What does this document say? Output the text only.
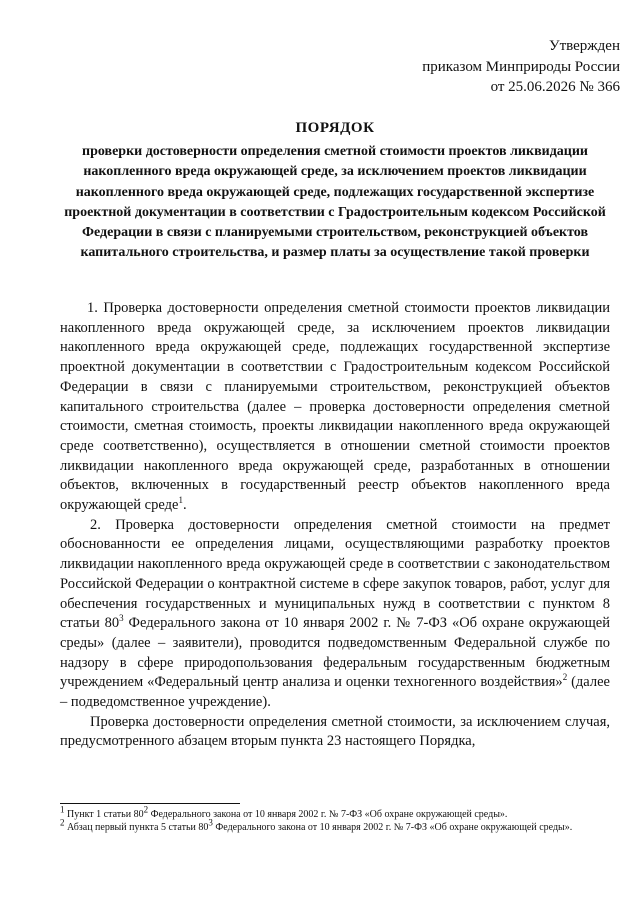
Утвержден
приказом Минприроды России
от 25.06.2026 № 366
ПОРЯДОК
проверки достоверности определения сметной стоимости проектов ликвидации накопленного вреда окружающей среде, за исключением проектов ликвидации накопленного вреда окружающей среде, подлежащих государственной экспертизе проектной документации в соответствии с Градостроительным кодексом Российской Федерации в связи с планируемыми строительством, реконструкцией объектов капитального строительства, и размер платы за осуществление такой проверки

1. Проверка достоверности определения сметной стоимости проектов ликвидации накопленного вреда окружающей среде, за исключением проектов ликвидации накопленного вреда окружающей среде, подлежащих государственной экспертизе проектной документации в соответствии с Градостроительным кодексом Российской Федерации в связи с планируемыми строительством, реконструкцией объектов капитального строительства (далее – проверка достоверности определения сметной стоимости, сметная стоимость, проекты ликвидации накопленного вреда окружающей среде соответственно), осуществляется в отношении сметной стоимости проектов ликвидации накопленного вреда окружающей среде, разработанных в отношении объектов, включенных в государственный реестр объектов накопленного вреда окружающей среде$^1$.

2. Проверка достоверности определения сметной стоимости на предмет обоснованности ее определения лицами, осуществляющими разработку проектов ликвидации накопленного вреда окружающей среде в соответствии с законодательством Российской Федерации о контрактной системе в сфере закупок товаров, работ, услуг для обеспечения государственных и муниципальных нужд в соответствии с пунктом 8 статьи $80^3$ Федерального закона от 10 января 2002 г. № 7-ФЗ «Об охране окружающей среды» (далее – заявители), проводится подведомственным Федеральной службе по надзору в сфере природопользования федеральным государственным бюджетным учреждением «Федеральный центр анализа и оценки техногенного воздействия»$^2$ (далее – подведомственное учреждение).

Проверка достоверности определения сметной стоимости, за исключением случая, предусмотренного абзацем вторым пункта 23 настоящего Порядка,

$^1$ Пункт 1 статьи $80^2$ Федерального закона от 10 января 2002 г. № 7-ФЗ «Об охране окружающей среды».

$^2$ Абзац первый пункта 5 статьи $80^3$ Федерального закона от 10 января 2002 г. № 7-ФЗ «Об охране окружающей среды».
